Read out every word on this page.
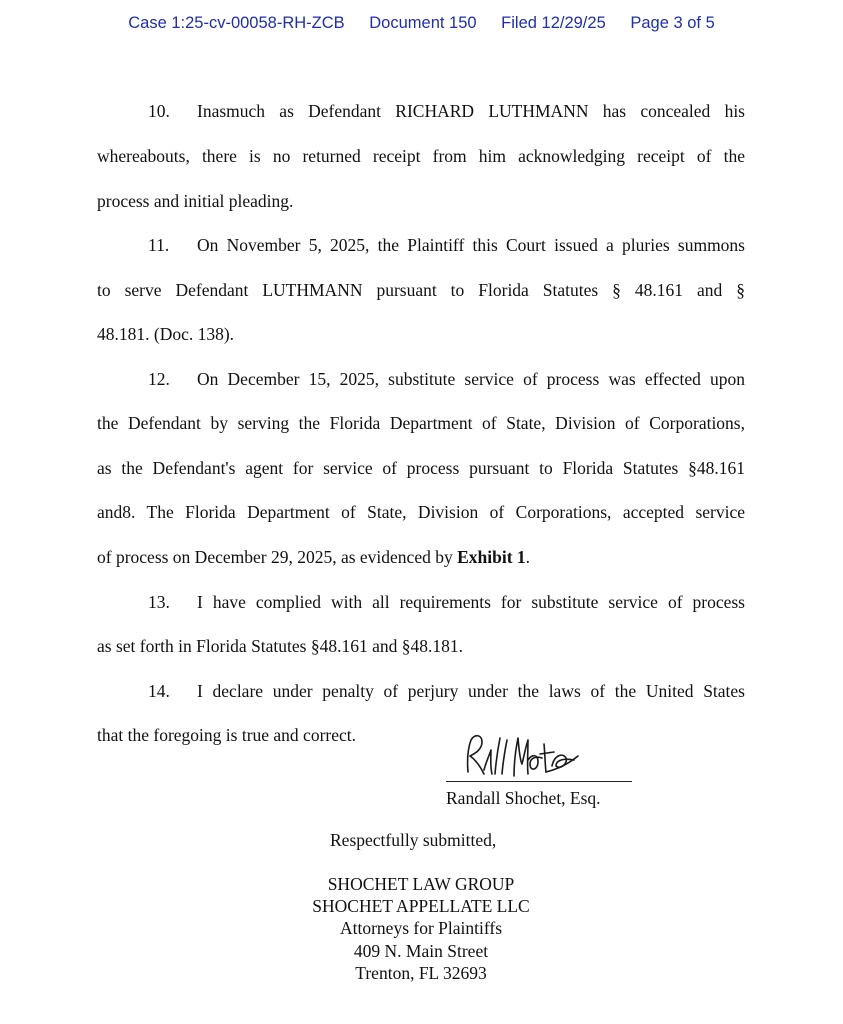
Case 1:25-cv-00058-RH-ZCB Document 150 Filed 12/29/25 Page 3 of 5
10. Inasmuch as Defendant RICHARD LUTHMANN has concealed his
whereabouts, there is no returned receipt from him acknowledging receipt of the
process and initial pleading.
11. On November 5, 2025, the Plaintiff this Court issued a pluries summons
to serve Defendant LUTHMANN pursuant to Florida Statutes § 48.161 and §
48.181. (Doc. 138).
12. On December 15, 2025, substitute service of process was effected upon
the Defendant by serving the Florida Department of State, Division of Corporations,
as the Defendant's agent for service of process pursuant to Florida Statutes §48.161
and8. The Florida Department of State, Division of Corporations, accepted service
of process on December 29, 2025, as evidenced by Exhibit 1.
13. I have complied with all requirements for substitute service of process
as set forth in Florida Statutes §48.161 and §48.181.
14. I declare under penalty of perjury under the laws of the United States
that the foregoing is true and correct.
Randall Shochet, Esq.
Respectfully submitted,
SHOCHET LAW GROUP
SHOCHET APPELLATE LLC
Attorneys for Plaintiffs
409 N. Main Street
Trenton, FL 32693
